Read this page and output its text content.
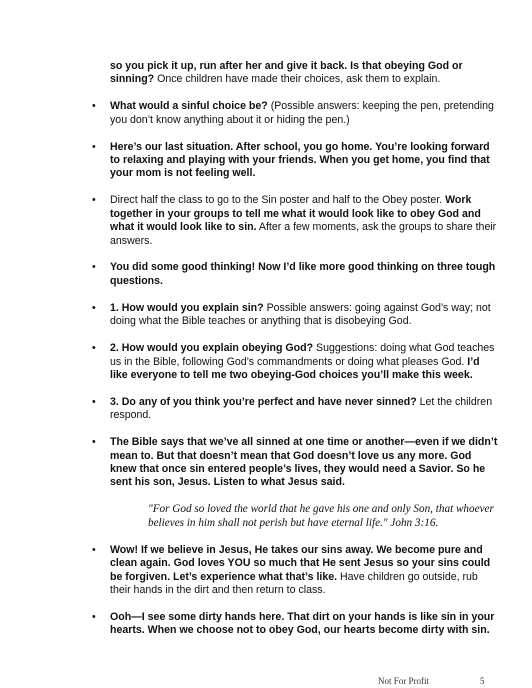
so you pick it up, run after her and give it back. Is that obeying God or sinning? Once children have made their choices, ask them to explain.
• What would a sinful choice be? (Possible answers: keeping the pen, pretending you don’t know anything about it or hiding the pen.)
• Here’s our last situation. After school, you go home. You’re looking forward to relaxing and playing with your friends. When you get home, you find that your mom is not feeling well.
• Direct half the class to go to the Sin poster and half to the Obey poster. Work together in your groups to tell me what it would look like to obey God and what it would look like to sin. After a few moments, ask the groups to share their answers.
• You did some good thinking! Now I’d like more good thinking on three tough questions.
• 1. How would you explain sin? Possible answers: going against God’s way; not doing what the Bible teaches or anything that is disobeying God.
• 2. How would you explain obeying God? Suggestions: doing what God teaches us in the Bible, following God’s commandments or doing what pleases God. I’d like everyone to tell me two obeying-God choices you’ll make this week.
• 3. Do any of you think you’re perfect and have never sinned? Let the children respond.
• The Bible says that we’ve all sinned at one time or another—even if we didn’t mean to. But that doesn’t mean that God doesn’t love us any more. God knew that once sin entered people’s lives, they would need a Savior. So he sent his son, Jesus. Listen to what Jesus said.
"For God so loved the world that he gave his one and only Son, that whoever believes in him shall not perish but have eternal life." John 3:16.
• Wow! If we believe in Jesus, He takes our sins away. We become pure and clean again. God loves YOU so much that He sent Jesus so your sins could be forgiven. Let’s experience what that’s like. Have children go outside, rub their hands in the dirt and then return to class.
• Ooh—I see some dirty hands here. That dirt on your hands is like sin in your hearts. When we choose not to obey God, our hearts become dirty with sin.
Not For Profit	5
